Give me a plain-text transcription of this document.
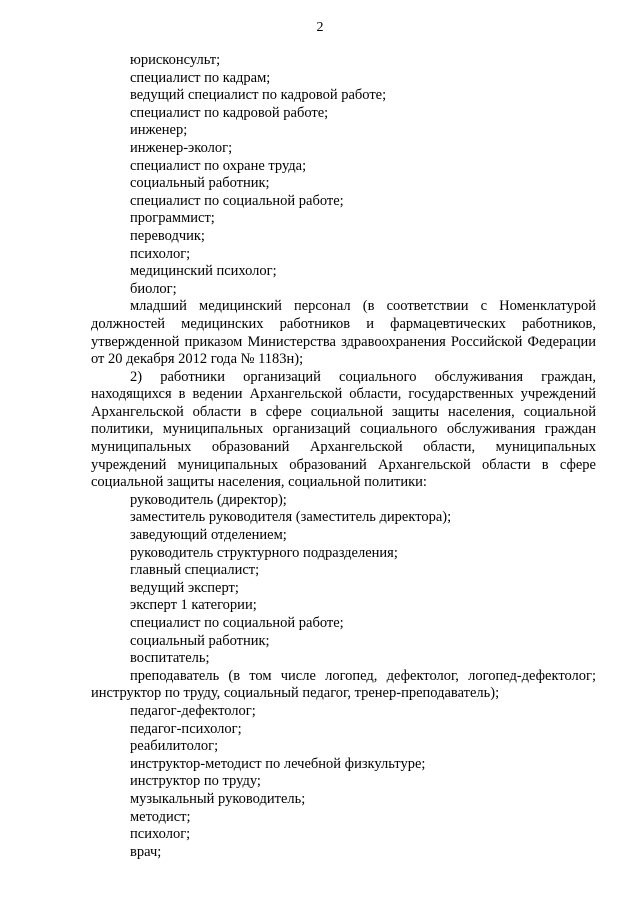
2

юрисконсульт;

специалист по кадрам;

ведущий специалист по кадровой работе;

специалист по кадровой работе;

инженер;

инженер-эколог;

специалист по охране труда;

социальный работник;

специалист по социальной работе;

программист;

переводчик;

психолог;

медицинский психолог;

биолог;

младший медицинский персонал (в соответствии с Номенклатурой должностей медицинских работников и фармацевтических работников, утвержденной приказом Министерства здравоохранения Российской Федерации от 20 декабря 2012 года № 1183н);

2) работники организаций социального обслуживания граждан, находящихся в ведении Архангельской области, государственных учреждений Архангельской области в сфере социальной защиты населения, социальной политики, муниципальных организаций социального обслуживания граждан муниципальных образований Архангельской области, муниципальных учреждений муниципальных образований Архангельской области в сфере социальной защиты населения, социальной политики:

руководитель (директор);

заместитель руководителя (заместитель директора);

заведующий отделением;

руководитель структурного подразделения;

главный специалист;

ведущий эксперт;

эксперт 1 категории;

специалист по социальной работе;

социальный работник;

воспитатель;

преподаватель (в том числе логопед, дефектолог, логопед-дефектолог; инструктор по труду, социальный педагог, тренер-преподаватель);

педагог-дефектолог;

педагог-психолог;

реабилитолог;

инструктор-методист по лечебной физкультуре;

инструктор по труду;

музыкальный руководитель;

методист;

психолог;

врач;
